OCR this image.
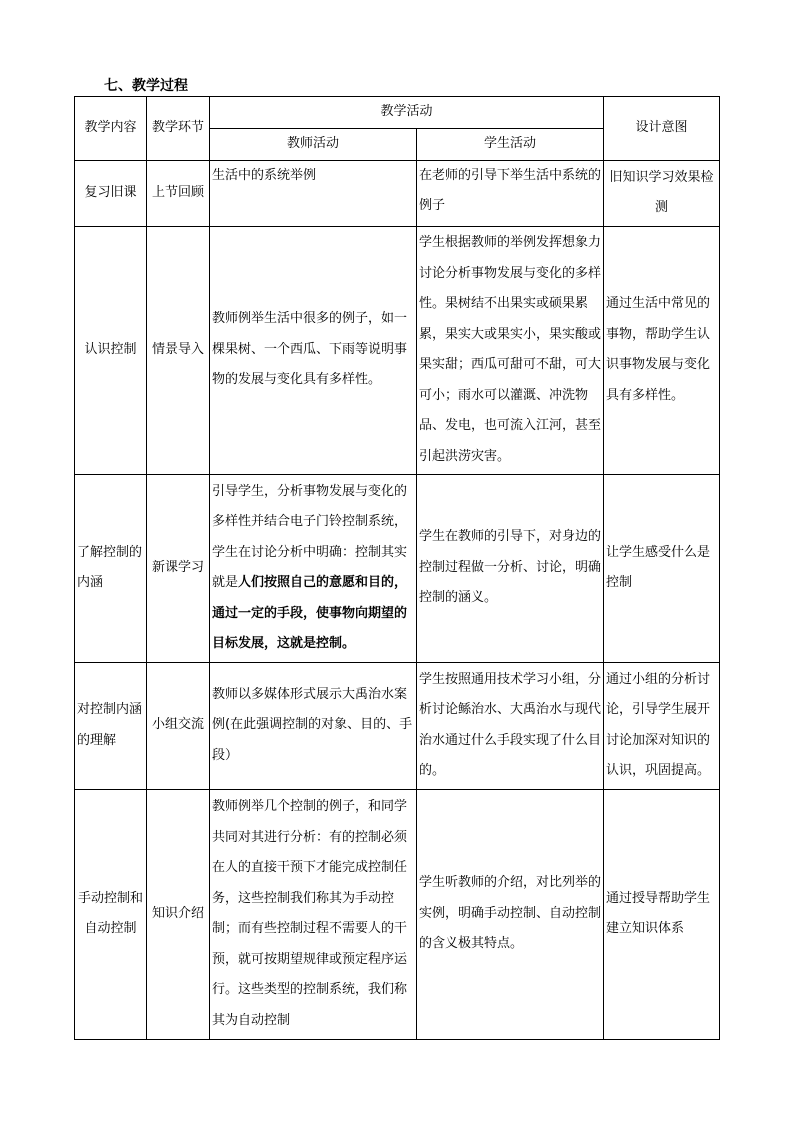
七、教学过程
教学内容	教学环节	教学活动		设计意图
		教师活动	学生活动	
复习旧课	上节回顾	生活中的系统举例	在老师的引导下举生活中系统的例子	旧知识学习效果检测
认识控制	情景导入	教师例举生活中很多的例子，如一棵果树、一个西瓜、下雨等说明事物的发展与变化具有多样性。	学生根据教师的举例发挥想象力讨论分析事物发展与变化的多样性。果树结不出果实或硕果累累，果实大或果实小，果实酸或果实甜；西瓜可甜可不甜，可大可小；雨水可以灌溉、冲洗物品、发电，也可流入江河，甚至引起洪涝灾害。	通过生活中常见的事物，帮助学生认识事物发展与变化具有多样性。
了解控制的内涵	新课学习	引导学生，分析事物发展与变化的多样性并结合电子门铃控制系统，学生在讨论分析中明确：控制其实就是人们按照自己的意愿和目的，通过一定的手段，使事物向期望的目标发展，这就是控制。	学生在教师的引导下，对身边的控制过程做一分析、讨论，明确控制的涵义。	让学生感受什么是控制
对控制内涵的理解	小组交流	教师以多媒体形式展示大禹治水案例(在此强调控制的对象、目的、手段）	学生按照通用技术学习小组，分析讨论鲧治水、大禹治水与现代治水通过什么手段实现了什么目的。	通过小组的分析讨论，引导学生展开讨论加深对知识的认识，巩固提高。
手动控制和自动控制	知识介绍	教师例举几个控制的例子，和同学共同对其进行分析：有的控制必须在人的直接干预下才能完成控制任务，这些控制我们称其为手动控制；而有些控制过程不需要人的干预，就可按期望规律或预定程序运行。这些类型的控制系统，我们称其为自动控制	学生听教师的介绍，对比列举的实例，明确手动控制、自动控制的含义极其特点。	通过授导帮助学生建立知识体系
